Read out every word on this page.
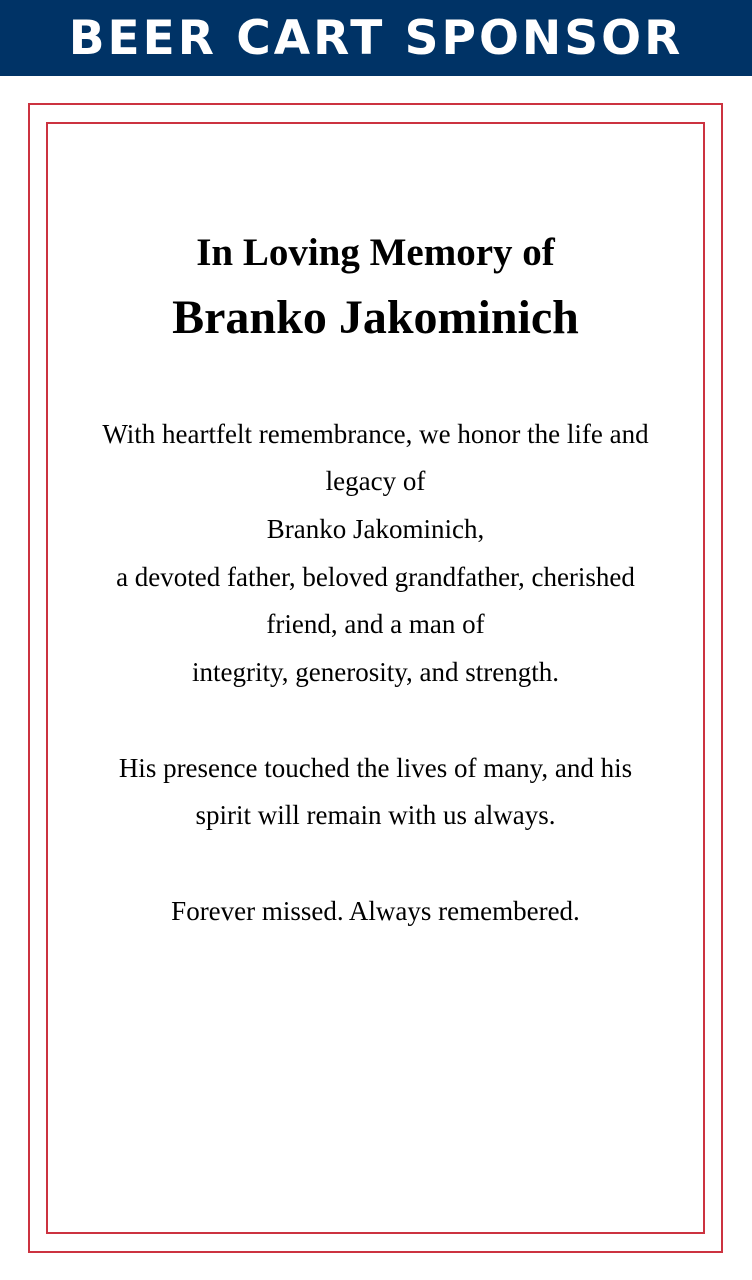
BEER CART SPONSOR
In Loving Memory of
Branko Jakominich
With heartfelt remembrance, we honor the life and
legacy of
Branko Jakominich,
a devoted father, beloved grandfather, cherished
friend, and a man of
integrity, generosity, and strength.
His presence touched the lives of many, and his
spirit will remain with us always.
Forever missed. Always remembered.
